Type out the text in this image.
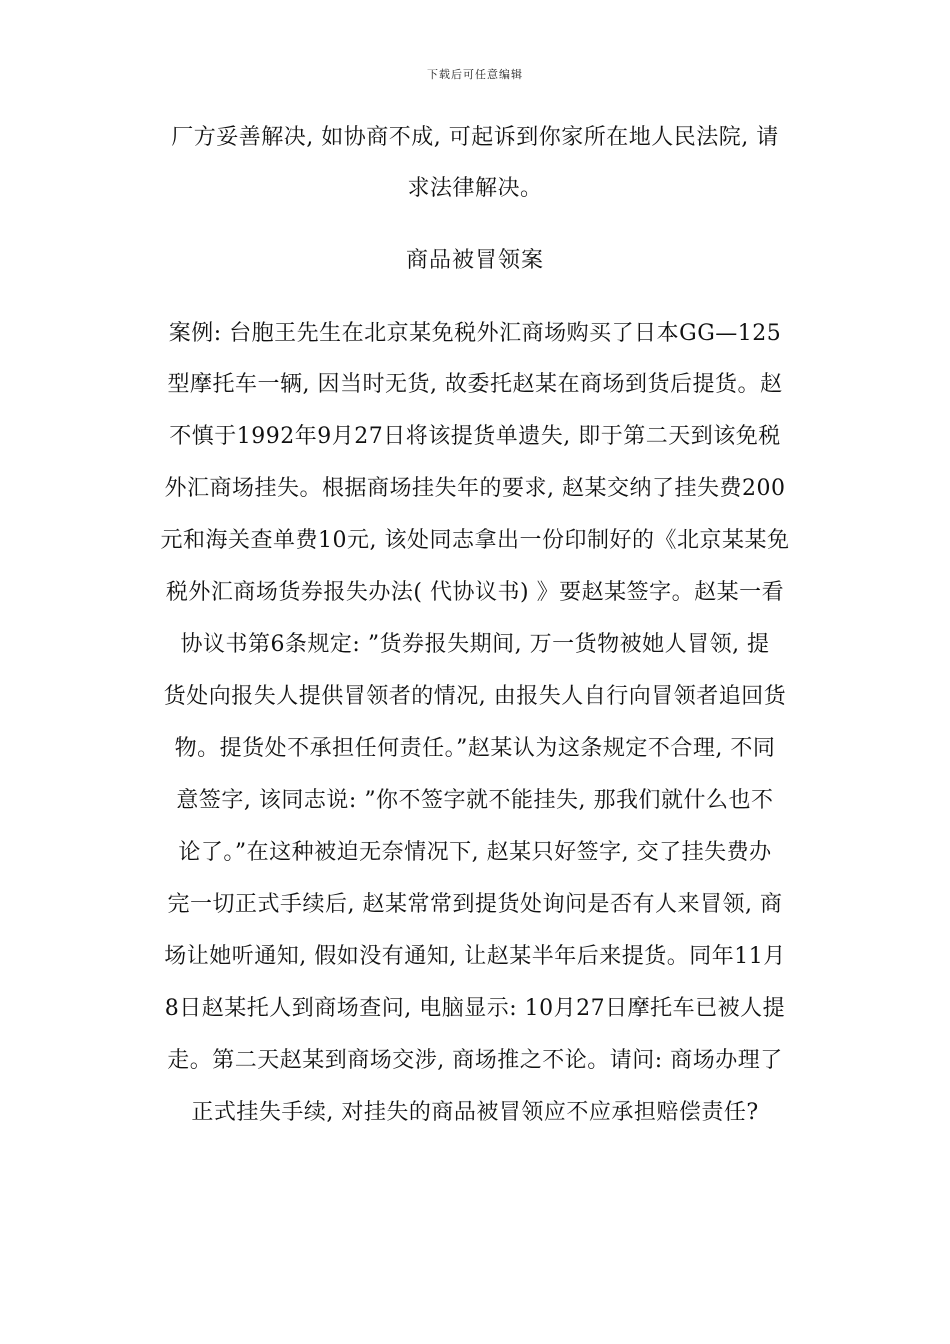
下载后可任意编辑
厂方妥善解决, 如协商不成, 可起诉到你家所在地人民法院, 请
求法律解决。
商品被冒领案
案例: 台胞王先生在北京某免税外汇商场购买了日本GG—125
型摩托车一辆, 因当时无货, 故委托赵某在商场到货后提货。赵
不慎于1992年9月27日将该提货单遗失, 即于第二天到该免税
外汇商场挂失。根据商场挂失年的要求, 赵某交纳了挂失费200
元和海关查单费10元, 该处同志拿出一份印制好的《北京某某免
税外汇商场货券报失办法( 代协议书) 》要赵某签字。赵某一看
协议书第6条规定: ”货券报失期间, 万一货物被她人冒领, 提
货处向报失人提供冒领者的情况, 由报失人自行向冒领者追回货
物。提货处不承担任何责任。”赵某认为这条规定不合理, 不同
意签字, 该同志说: ”你不签字就不能挂失, 那我们就什么也不
论了。”在这种被迫无奈情况下, 赵某只好签字, 交了挂失费办
完一切正式手续后, 赵某常常到提货处询问是否有人来冒领, 商
场让她听通知, 假如没有通知, 让赵某半年后来提货。同年11月
8日赵某托人到商场查问, 电脑显示: 10月27日摩托车已被人提
走。第二天赵某到商场交涉, 商场推之不论。请问: 商场办理了
正式挂失手续, 对挂失的商品被冒领应不应承担赔偿责任?
